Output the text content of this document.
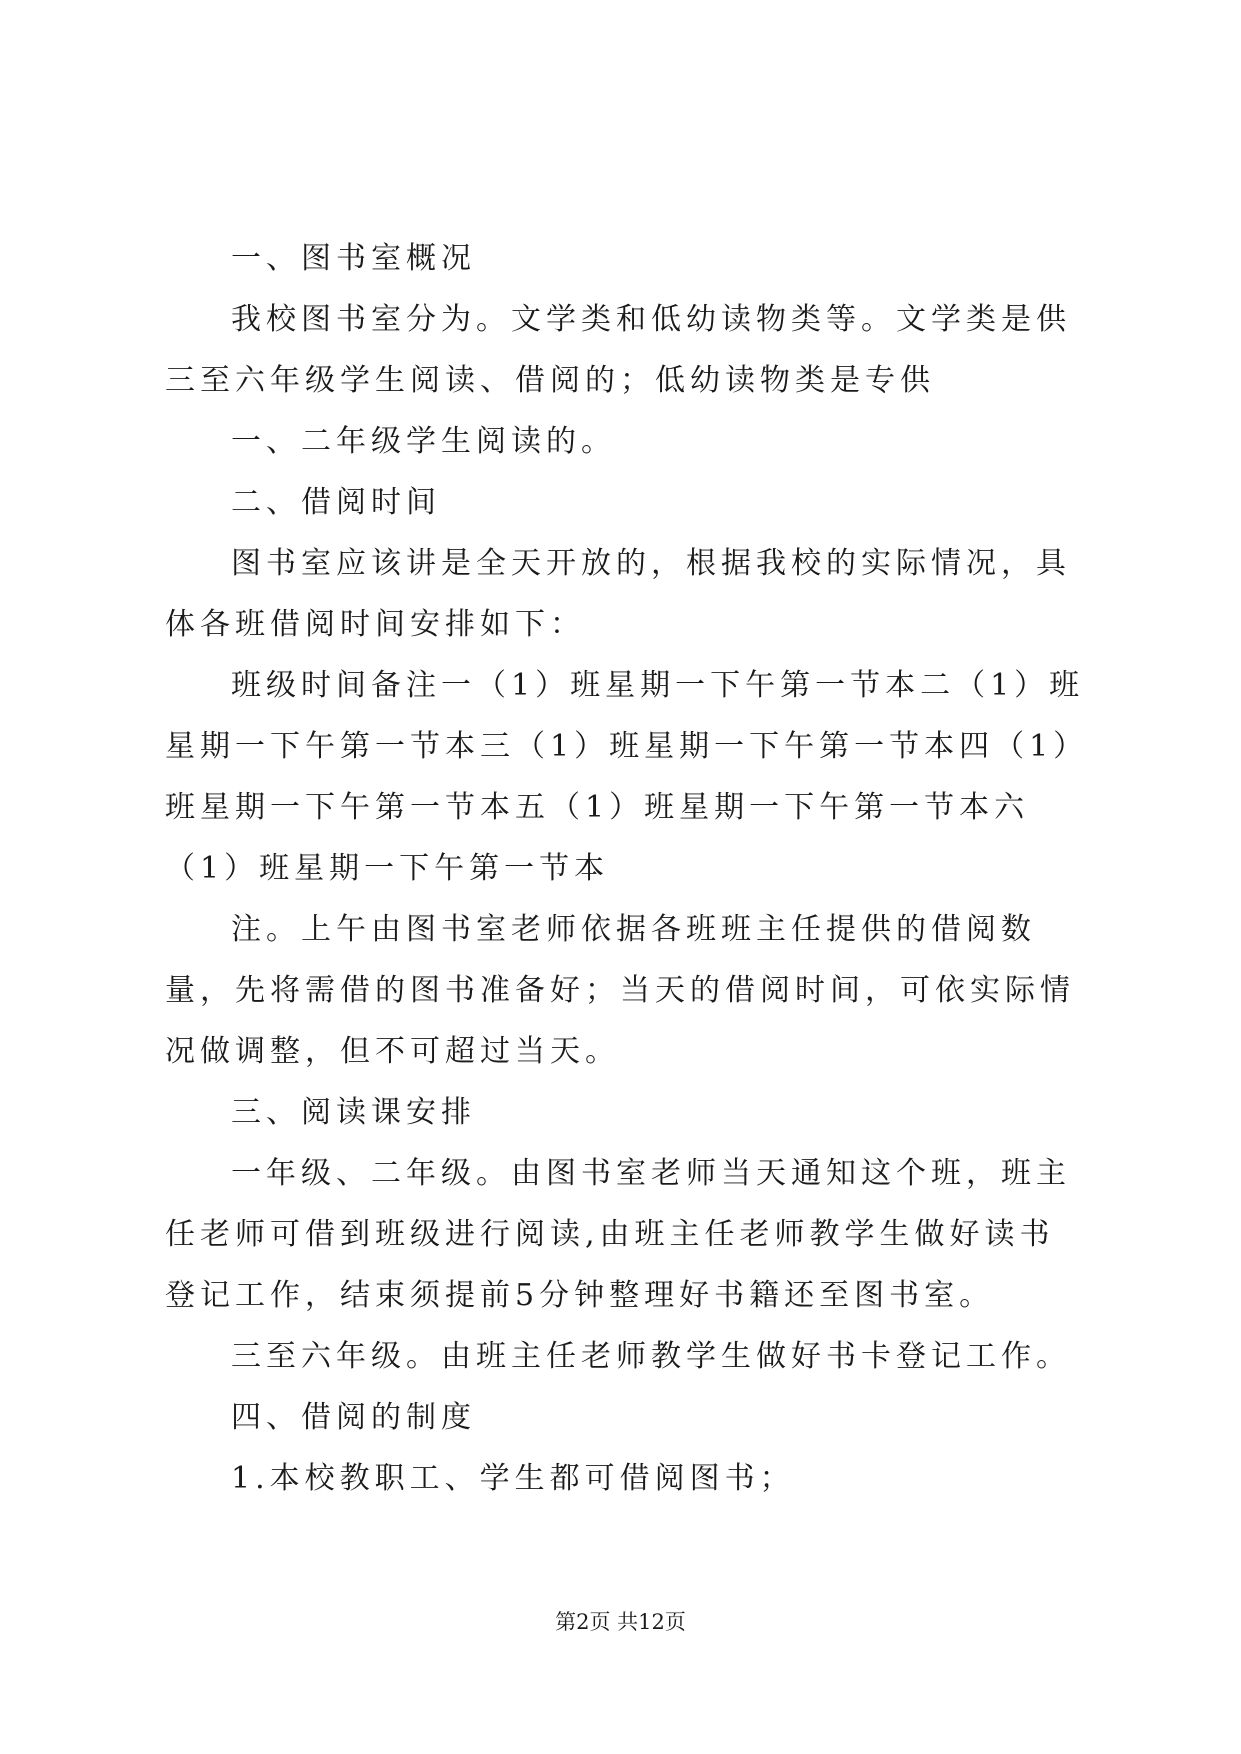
一、图书室概况

我校图书室分为。文学类和低幼读物类等。文学类是供三至六年级学生阅读、借阅的；低幼读物类是专供

一、二年级学生阅读的。

二、借阅时间

图书室应该讲是全天开放的，根据我校的实际情况，具体各班借阅时间安排如下：

班级时间备注一（1）班星期一下午第一节本二（1）班星期一下午第一节本三（1）班星期一下午第一节本四（1）班星期一下午第一节本五（1）班星期一下午第一节本六（1）班星期一下午第一节本

注。上午由图书室老师依据各班班主任提供的借阅数量，先将需借的图书准备好；当天的借阅时间，可依实际情况做调整，但不可超过当天。

三、阅读课安排

一年级、二年级。由图书室老师当天通知这个班，班主任老师可借到班级进行阅读,由班主任老师教学生做好读书登记工作，结束须提前5分钟整理好书籍还至图书室。

三至六年级。由班主任老师教学生做好书卡登记工作。

四、借阅的制度

1.本校教职工、学生都可借阅图书；

第2页 共12页
